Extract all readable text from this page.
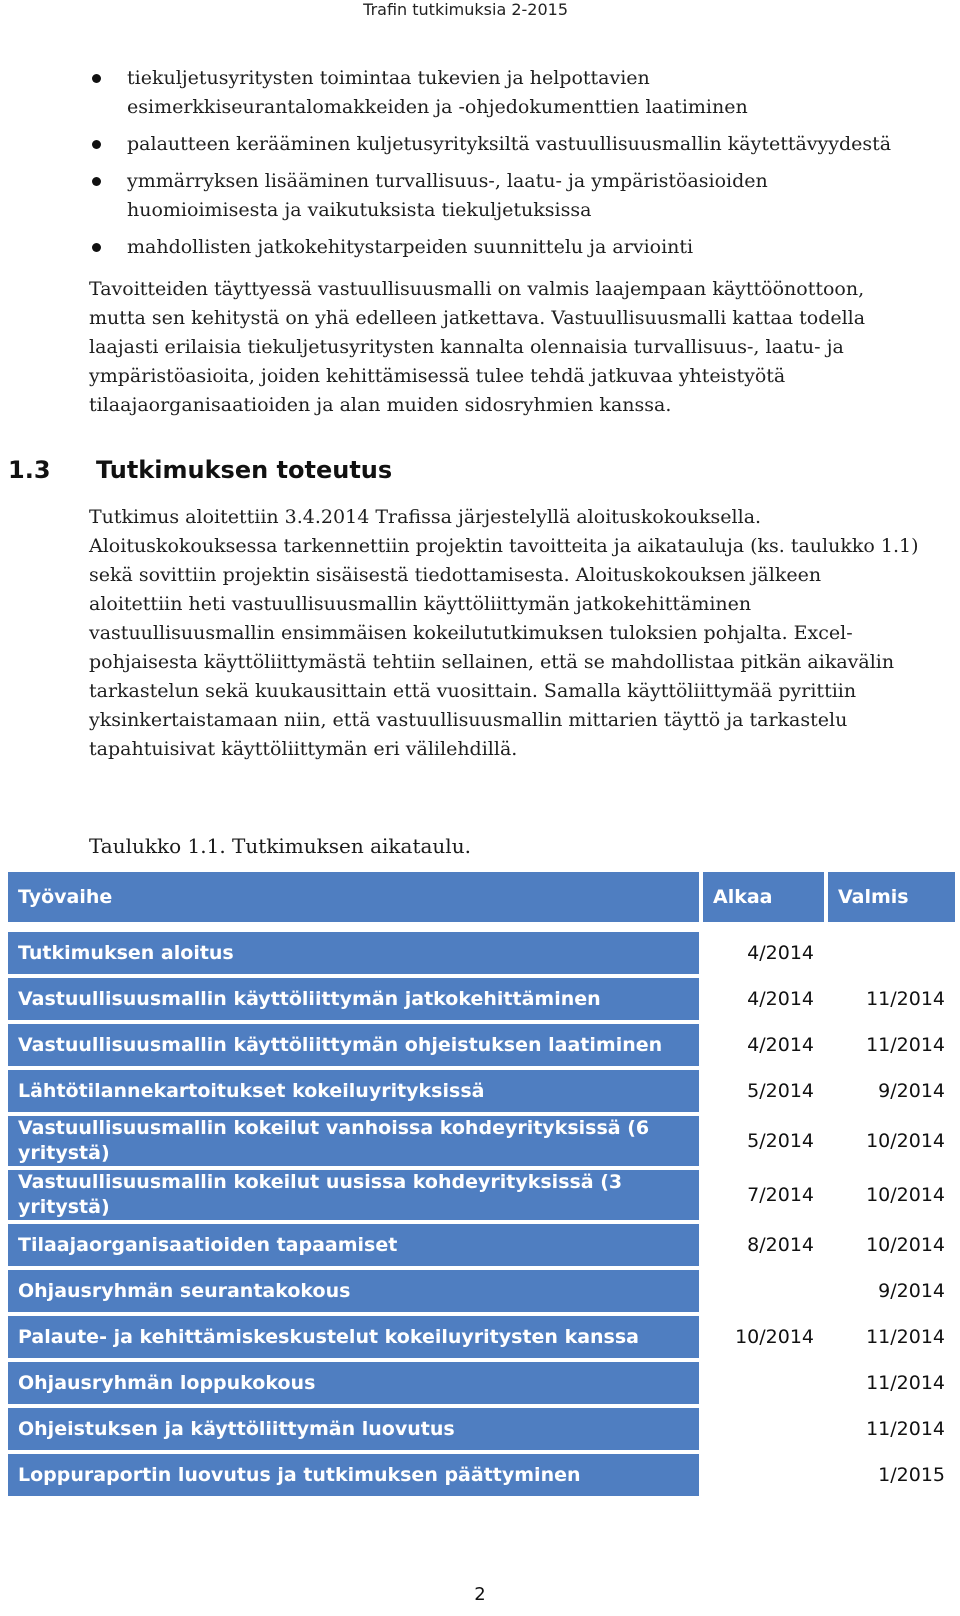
Trafin tutkimuksia 2-2015
tiekuljetusyritysten toimintaa tukevien ja helpottavien esimerkkiseurantalomakkeiden ja -ohjedokumenttien laatiminen
palautteen kerääminen kuljetusyrityksiltä vastuullisuusmallin käytettävyydestä
ymmärryksen lisääminen turvallisuus-, laatu- ja ympäristöasioiden huomioimisesta ja vaikutuksista tiekuljetuksissa
mahdollisten jatkokehitystarpeiden suunnittelu ja arviointi

Tavoitteiden täyttyessä vastuullisuusmalli on valmis laajempaan käyttöönottoon, mutta sen kehitystä on yhä edelleen jatkettava. Vastuullisuusmalli kattaa todella laajasti erilaisia tiekuljetusyritysten kannalta olennaisia turvallisuus-, laatu- ja ympäristöasioita, joiden kehittämisessä tulee tehdä jatkuvaa yhteistyötä tilaajaorganisaatioiden ja alan muiden sidosryhmien kanssa.

1.3 Tutkimuksen toteutus

Tutkimus aloitettiin 3.4.2014 Trafissa järjestelyllä aloituskokouksella. Aloituskokouksessa tarkennettiin projektin tavoitteita ja aikatauluja (ks. taulukko 1.1) sekä sovittiin projektin sisäisestä tiedottamisesta. Aloituskokouksen jälkeen aloitettiin heti vastuullisuusmallin käyttöliittymän jatkokehittäminen vastuullisuusmallin ensimmäisen kokeilututkimuksen tuloksien pohjalta. Excel-pohjaisesta käyttöliittymästä tehtiin sellainen, että se mahdollistaa pitkän aikavälin tarkastelun sekä kuukausittain että vuosittain. Samalla käyttöliittymää pyrittiin yksinkertaistamaan niin, että vastuullisuusmallin mittarien täyttö ja tarkastelu tapahtuisivat käyttöliittymän eri välilehdillä.

Taulukko 1.1. Tutkimuksen aikataulu.

Työvaihe	Alkaa	Valmis

Tutkimuksen aloitus	4/2014	
Vastuullisuusmallin käyttöliittymän jatkokehittäminen	4/2014	11/2014
Vastuullisuusmallin käyttöliittymän ohjeistuksen laatiminen	4/2014	11/2014
Lähtötilannekartoitukset kokeiluyrityksissä	5/2014	9/2014
Vastuullisuusmallin kokeilut vanhoissa kohdeyrityksissä (6 yritystä)	5/2014	10/2014
Vastuullisuusmallin kokeilut uusissa kohdeyrityksissä (3 yritystä)	7/2014	10/2014
Tilaajaorganisaatioiden tapaamiset	8/2014	10/2014
Ohjausryhmän seurantakokous		9/2014
Palaute- ja kehittämiskeskustelut kokeiluyritysten kanssa	10/2014	11/2014
Ohjausryhmän loppukokous		11/2014
Ohjeistuksen ja käyttöliittymän luovutus		11/2014
Loppuraportin luovutus ja tutkimuksen päättyminen		1/2015
2
